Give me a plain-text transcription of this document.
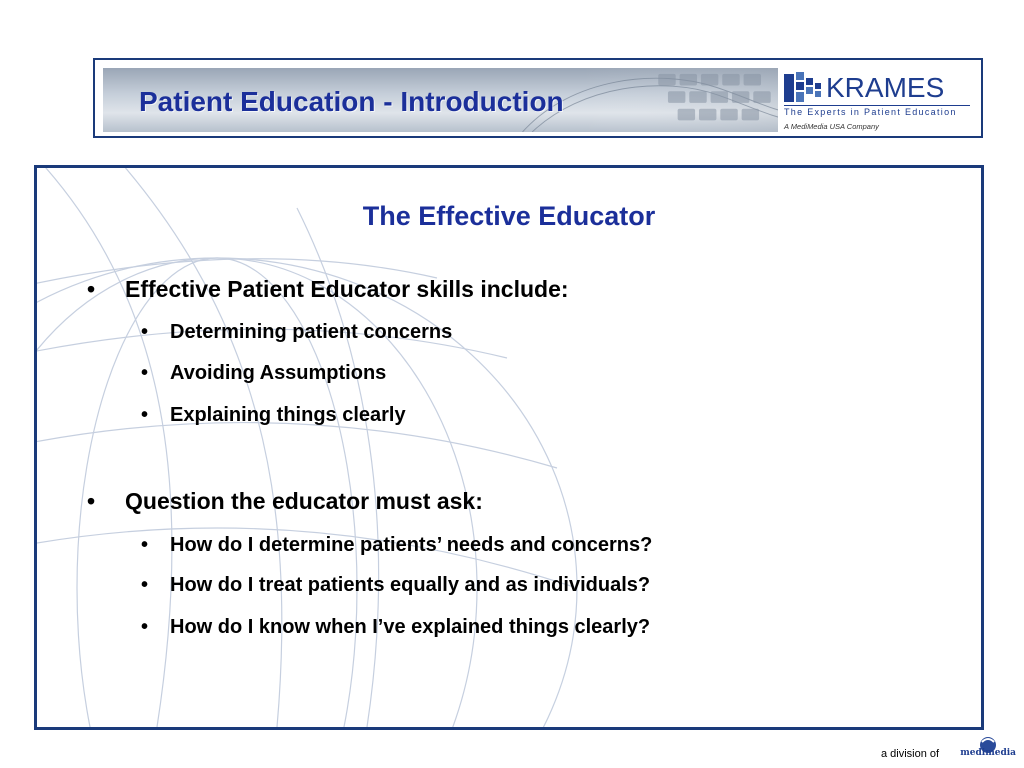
Patient Education - Introduction	KRAMES
The Experts in Patient Education
A MediMedia USA Company
The Effective Educator
• Effective Patient Educator skills include:
• Determining patient concerns
• Avoiding Assumptions
• Explaining things clearly
• Question the educator must ask:
• How do I determine patients’ needs and concerns?
• How do I treat patients equally and as individuals?
• How do I know when I’ve explained things clearly?
a division of medimedia
